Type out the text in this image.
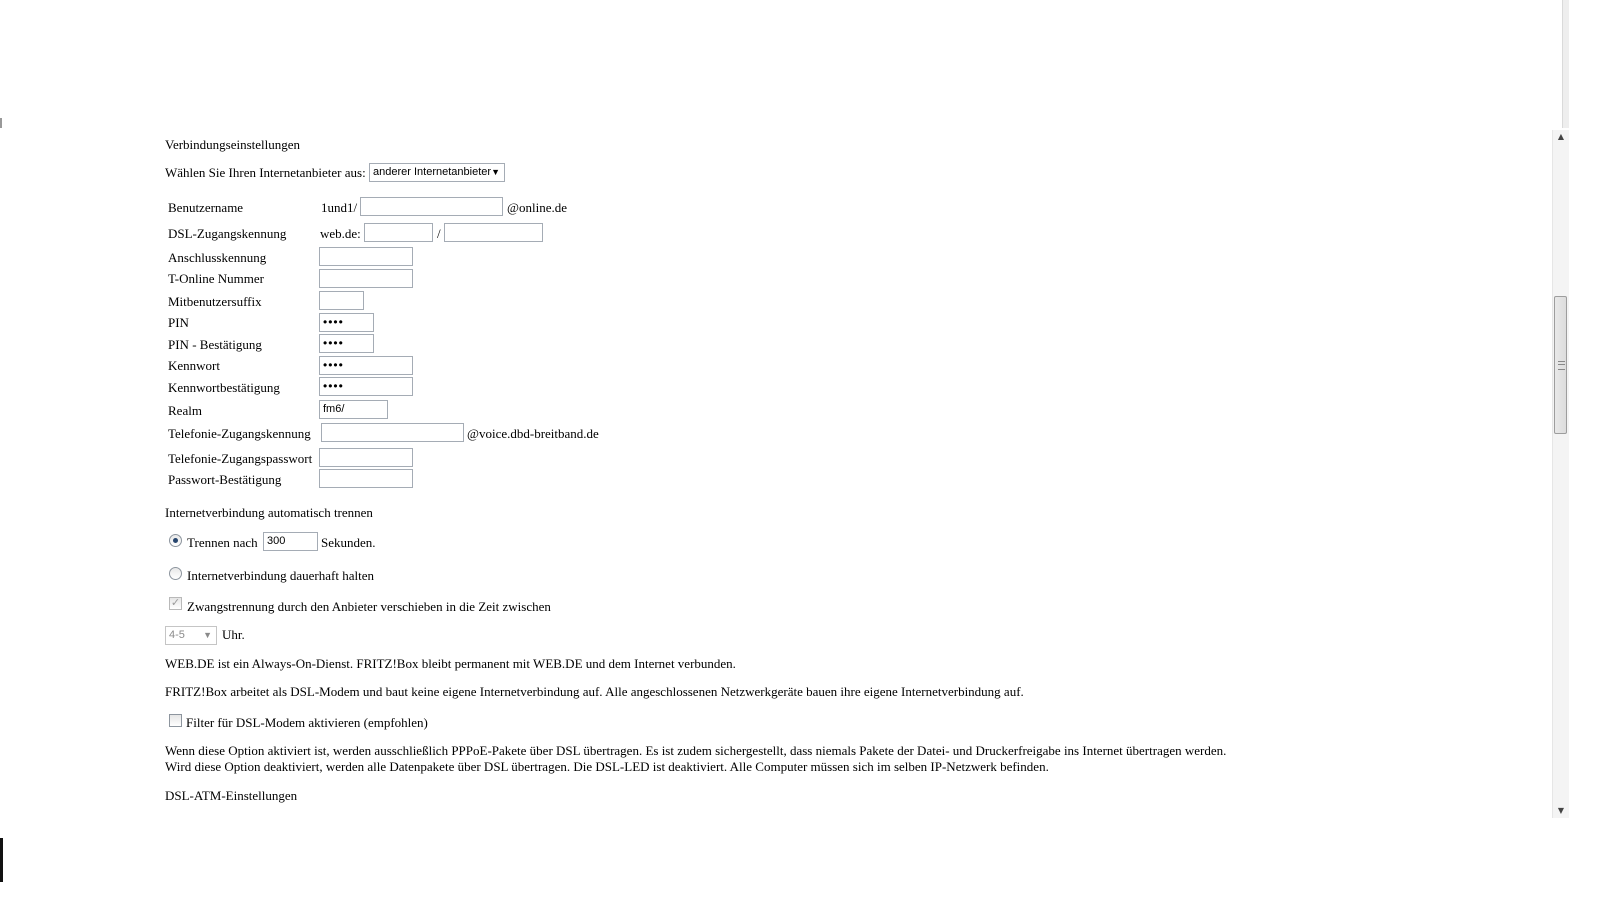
Verbindungseinstellungen
Wählen Sie Ihren Internetanbieter aus: anderer Internetanbieter ▼
Benutzername	1und1/	@online.de
DSL-Zugangskennung	web.de:	/
Anschlusskennung
T-Online Nummer
Mitbenutzersuffix
PIN	••••
PIN - Bestätigung	••••
Kennwort	••••
Kennwortbestätigung	••••
Realm	fm6/
Telefonie-Zugangskennung	@voice.dbd-breitband.de
Telefonie-Zugangspasswort
Passwort-Bestätigung
Internetverbindung automatisch trennen
Trennen nach 300	Sekunden.
Internetverbindung dauerhaft halten
✓ Zwangstrennung durch den Anbieter verschieben in die Zeit zwischen
4-5 ▼ Uhr.
WEB.DE ist ein Always-On-Dienst. FRITZ!Box bleibt permanent mit WEB.DE und dem Internet verbunden.
FRITZ!Box arbeitet als DSL-Modem und baut keine eigene Internetverbindung auf. Alle angeschlossenen Netzwerkgeräte bauen ihre eigene Internetverbindung auf.
Filter für DSL-Modem aktivieren (empfohlen)
Wenn diese Option aktiviert ist, werden ausschließlich PPPoE-Pakete über DSL übertragen. Es ist zudem sichergestellt, dass niemals Pakete der Datei- und Druckerfreigabe ins Internet übertragen werden.
Wird diese Option deaktiviert, werden alle Datenpakete über DSL übertragen. Die DSL-LED ist deaktiviert. Alle Computer müssen sich im selben IP-Netzwerk befinden.
DSL-ATM-Einstellungen
▲
▼
